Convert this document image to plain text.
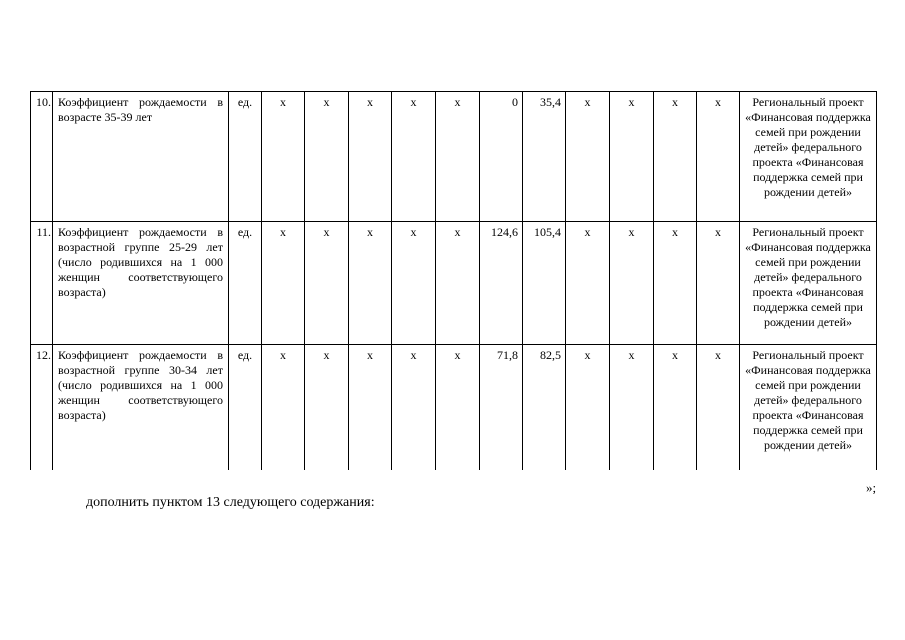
10.	Коэффициент рождаемости в возрасте 35-39 лет	ед.	х	х	х	х	х	0	35,4	х	х	х	х	Региональный проект «Финансовая поддержка семей при рождении детей» федерального проекта «Финансовая поддержка семей при рождении детей»
11.	Коэффициент рождаемости в возрастной группе 25-29 лет (число родившихся на 1 000 женщин соответствующего возраста)	ед.	х	х	х	х	х	124,6	105,4	х	х	х	х	Региональный проект «Финансовая поддержка семей при рождении детей» федерального проекта «Финансовая поддержка семей при рождении детей»
12.	Коэффициент рождаемости в возрастной группе 30-34 лет (число родившихся на 1 000 женщин соответствующего возраста)	ед.	х	х	х	х	х	71,8	82,5	х	х	х	х	Региональный проект «Финансовая поддержка семей при рождении детей» федерального проекта «Финансовая поддержка семей при рождении детей»
»;
дополнить пунктом 13 следующего содержания:
